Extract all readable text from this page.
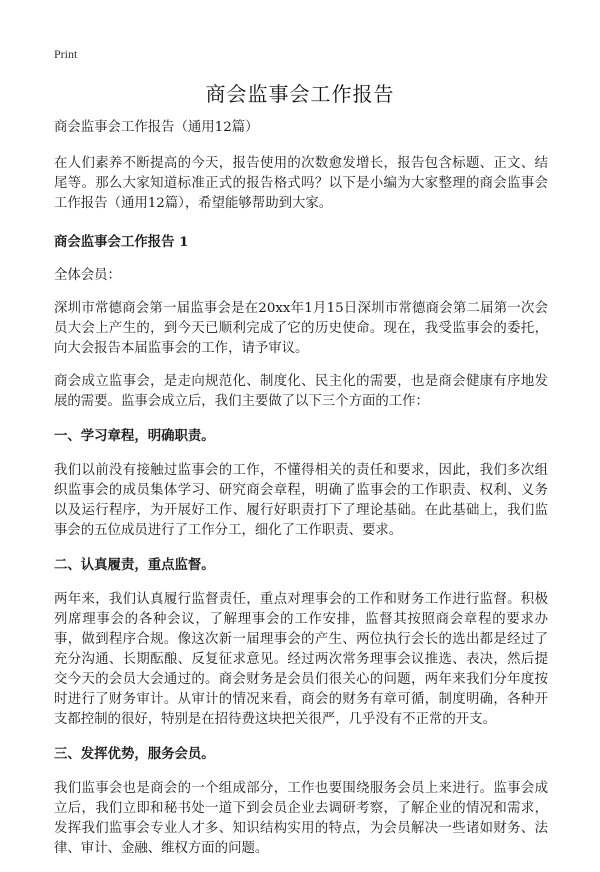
Print
商会监事会工作报告

商会监事会工作报告（通用12篇）

在人们素养不断提高的今天，报告使用的次数愈发增长，报告包含标题、正文、结尾等。那么大家知道标准正式的报告格式吗？以下是小编为大家整理的商会监事会工作报告（通用12篇），希望能够帮助到大家。

商会监事会工作报告 1

全体会员：

深圳市常德商会第一届监事会是在20xx年1月15日深圳市常德商会第二届第一次会员大会上产生的，到今天已顺利完成了它的历史使命。现在，我受监事会的委托，向大会报告本届监事会的工作，请予审议。

商会成立监事会，是走向规范化、制度化、民主化的需要，也是商会健康有序地发展的需要。监事会成立后，我们主要做了以下三个方面的工作：

一、学习章程，明确职责。

我们以前没有接触过监事会的工作，不懂得相关的责任和要求，因此，我们多次组织监事会的成员集体学习、研究商会章程，明确了监事会的工作职责、权利、义务以及运行程序，为开展好工作、履行好职责打下了理论基础。在此基础上，我们监事会的五位成员进行了工作分工，细化了工作职责、要求。

二、认真履责，重点监督。

两年来，我们认真履行监督责任，重点对理事会的工作和财务工作进行监督。积极列席理事会的各种会议，了解理事会的工作安排，监督其按照商会章程的要求办事，做到程序合规。像这次新一届理事会的产生、两位执行会长的选出都是经过了充分沟通、长期酝酿、反复征求意见。经过两次常务理事会议推选、表决，然后提交今天的会员大会通过的。商会财务是会员们很关心的问题，两年来我们分年度按时进行了财务审计。从审计的情况来看，商会的财务有章可循，制度明确，各种开支都控制的很好，特别是在招待费这块把关很严，几乎没有不正常的开支。

三、发挥优势，服务会员。

我们监事会也是商会的一个组成部分，工作也要围绕服务会员上来进行。监事会成立后，我们立即和秘书处一道下到会员企业去调研考察，了解企业的情况和需求，发挥我们监事会专业人才多、知识结构实用的特点，为会员解决一些诸如财务、法律、审计、金融、维权方面的问题。
